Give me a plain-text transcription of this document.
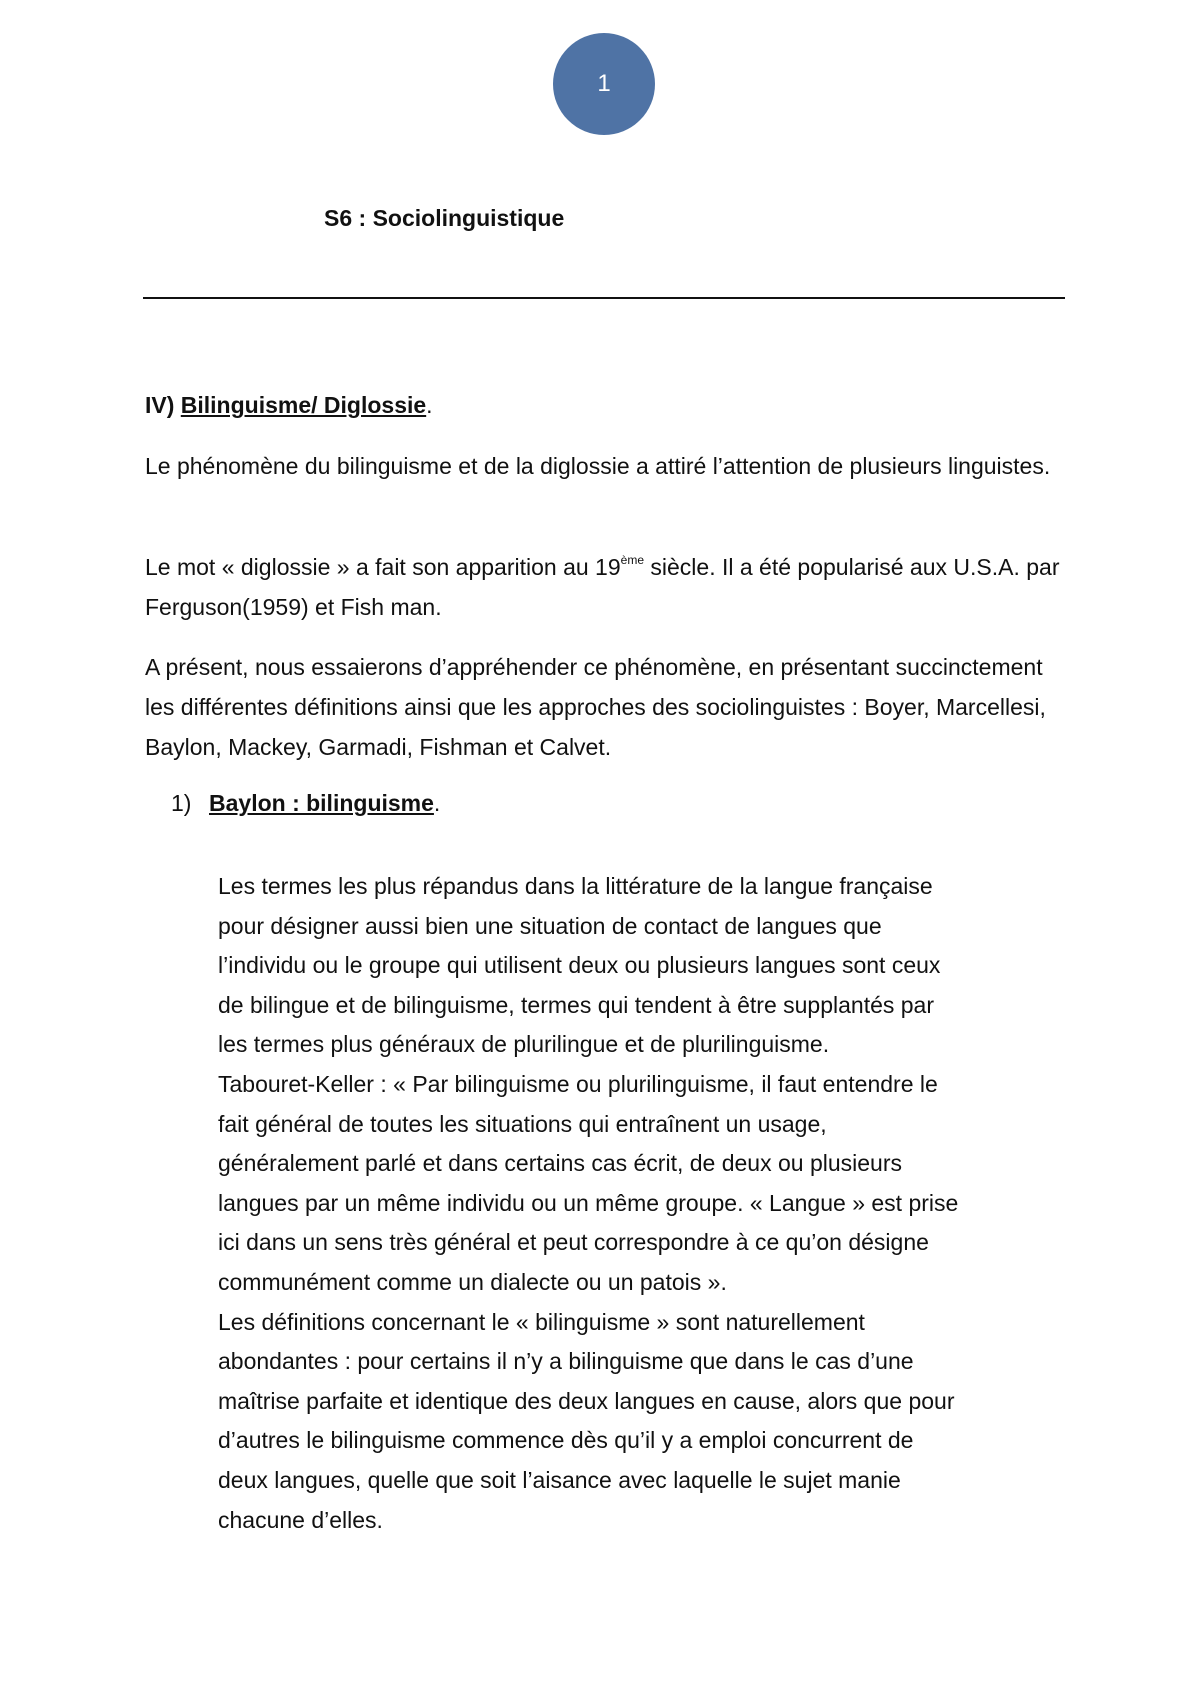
1
S6 : Sociolinguistique
IV) Bilinguisme/ Diglossie.

Le phénomène du bilinguisme et de la diglossie a attiré l’attention de plusieurs linguistes.

Le mot « diglossie » a fait son apparition au 19ème siècle. Il a été popularisé aux U.S.A. par Ferguson(1959) et Fish man.

A présent, nous essaierons d’appréhender ce phénomène, en présentant succinctement les différentes définitions ainsi que les approches des sociolinguistes : Boyer, Marcellesi, Baylon, Mackey, Garmadi, Fishman et Calvet.

1) Baylon : bilinguisme.
Les termes les plus répandus dans la littérature de la langue française
pour désigner aussi bien une situation de contact de langues que
l’individu ou le groupe qui utilisent deux ou plusieurs langues sont ceux
de bilingue et de bilinguisme, termes qui tendent à être supplantés par
les termes plus généraux de plurilingue et de plurilinguisme.
Tabouret-Keller : « Par bilinguisme ou plurilinguisme, il faut entendre le
fait général de toutes les situations qui entraînent un usage,
généralement parlé et dans certains cas écrit, de deux ou plusieurs
langues par un même individu ou un même groupe. « Langue » est prise
ici dans un sens très général et peut correspondre à ce qu’on désigne
communément comme un dialecte ou un patois ».
Les définitions concernant le « bilinguisme » sont naturellement
abondantes : pour certains il n’y a bilinguisme que dans le cas d’une
maîtrise parfaite et identique des deux langues en cause, alors que pour
d’autres le bilinguisme commence dès qu’il y a emploi concurrent de
deux langues, quelle que soit l’aisance avec laquelle le sujet manie
chacune d’elles.
